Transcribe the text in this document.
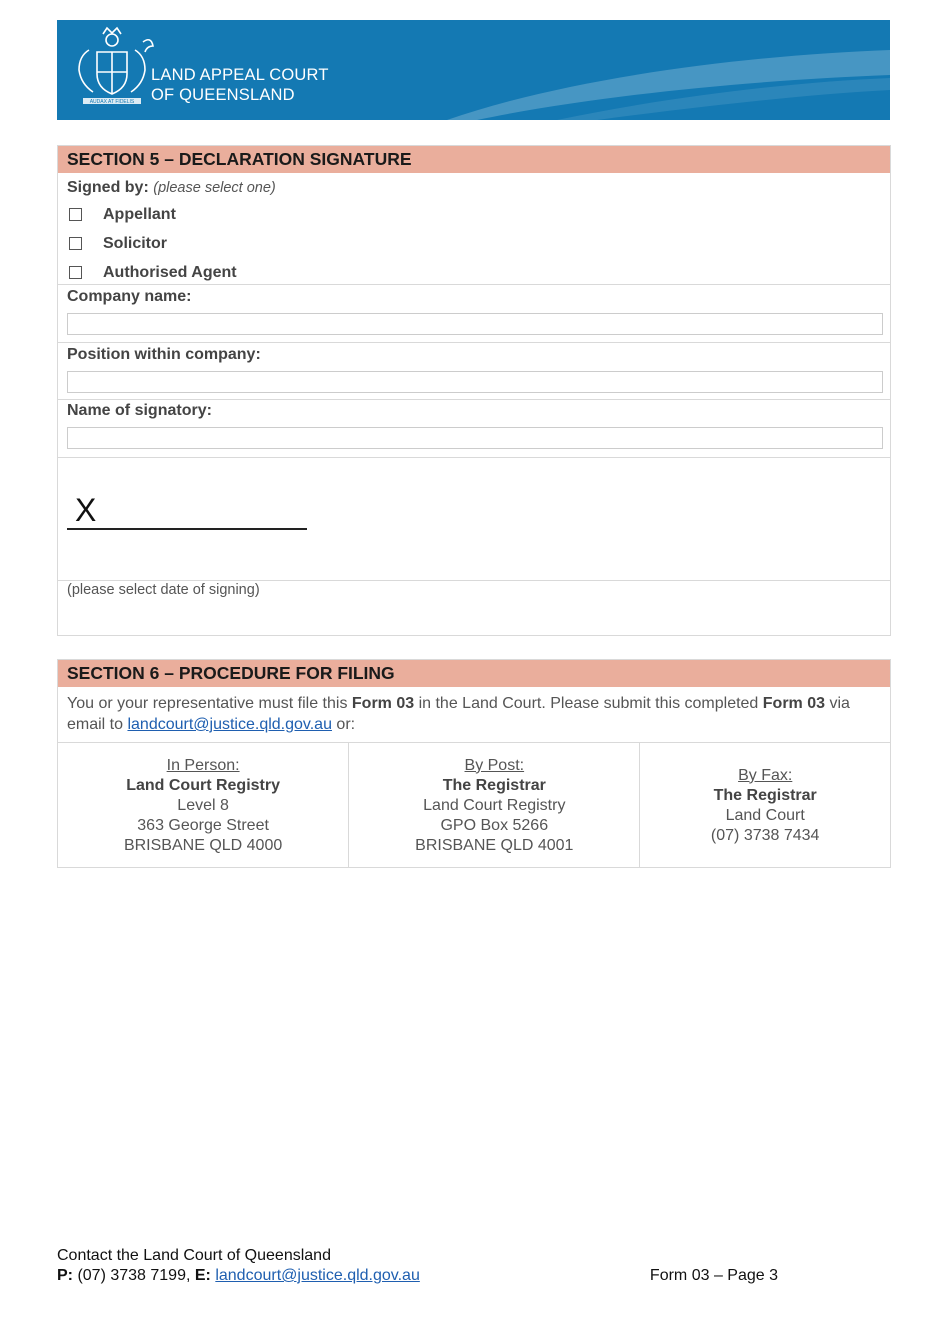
AUDAX AT FIDELIS
LAND APPEAL COURT
OF QUEENSLAND
SECTION 5 – DECLARATION SIGNATURE
Signed by: (please select one)
Appellant
Solicitor
Authorised Agent
Company name:
Position within company:
Name of signatory:
X
(please select date of signing)
SECTION 6 – PROCEDURE FOR FILING
You or your representative must file this Form 03 in the Land Court. Please submit this completed Form 03 via email to landcourt@justice.qld.gov.au or:
In Person:
Land Court Registry
Level 8
363 George Street
BRISBANE QLD 4000
By Post:
The Registrar
Land Court Registry
GPO Box 5266
BRISBANE QLD 4001
By Fax:
The Registrar
Land Court
(07) 3738 7434
Contact the Land Court of Queensland
P: (07) 3738 7199, E: landcourt@justice.qld.gov.au	Form 03 – Page 3
